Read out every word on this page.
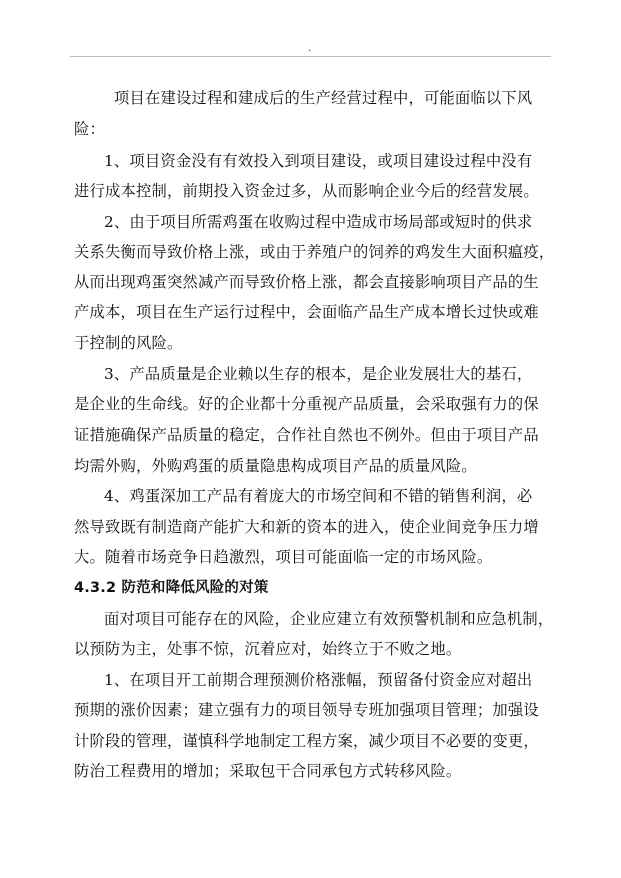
.
项目在建设过程和建成后的生产经营过程中，可能面临以下风
险：
1、项目资金没有有效投入到项目建设，或项目建设过程中没有
进行成本控制，前期投入资金过多，从而影响企业今后的经营发展。
2、由于项目所需鸡蛋在收购过程中造成市场局部或短时的供求
关系失衡而导致价格上涨，或由于养殖户的饲养的鸡发生大面积瘟疫，
从而出现鸡蛋突然减产而导致价格上涨，都会直接影响项目产品的生
产成本，项目在生产运行过程中，会面临产品生产成本增长过快或难
于控制的风险。
3、产品质量是企业赖以生存的根本，是企业发展壮大的基石，
是企业的生命线。好的企业都十分重视产品质量，会采取强有力的保
证措施确保产品质量的稳定，合作社自然也不例外。但由于项目产品
均需外购，外购鸡蛋的质量隐患构成项目产品的质量风险。
4、鸡蛋深加工产品有着庞大的市场空间和不错的销售利润，必
然导致既有制造商产能扩大和新的资本的进入，使企业间竞争压力增
大。随着市场竞争日趋激烈，项目可能面临一定的市场风险。
4.3.2 防范和降低风险的对策
面对项目可能存在的风险，企业应建立有效预警机制和应急机制，
以预防为主，处事不惊，沉着应对，始终立于不败之地。
1、在项目开工前期合理预测价格涨幅，预留备付资金应对超出
预期的涨价因素；建立强有力的项目领导专班加强项目管理；加强设
计阶段的管理，谨慎科学地制定工程方案，减少项目不必要的变更，
防治工程费用的增加；采取包干合同承包方式转移风险。
